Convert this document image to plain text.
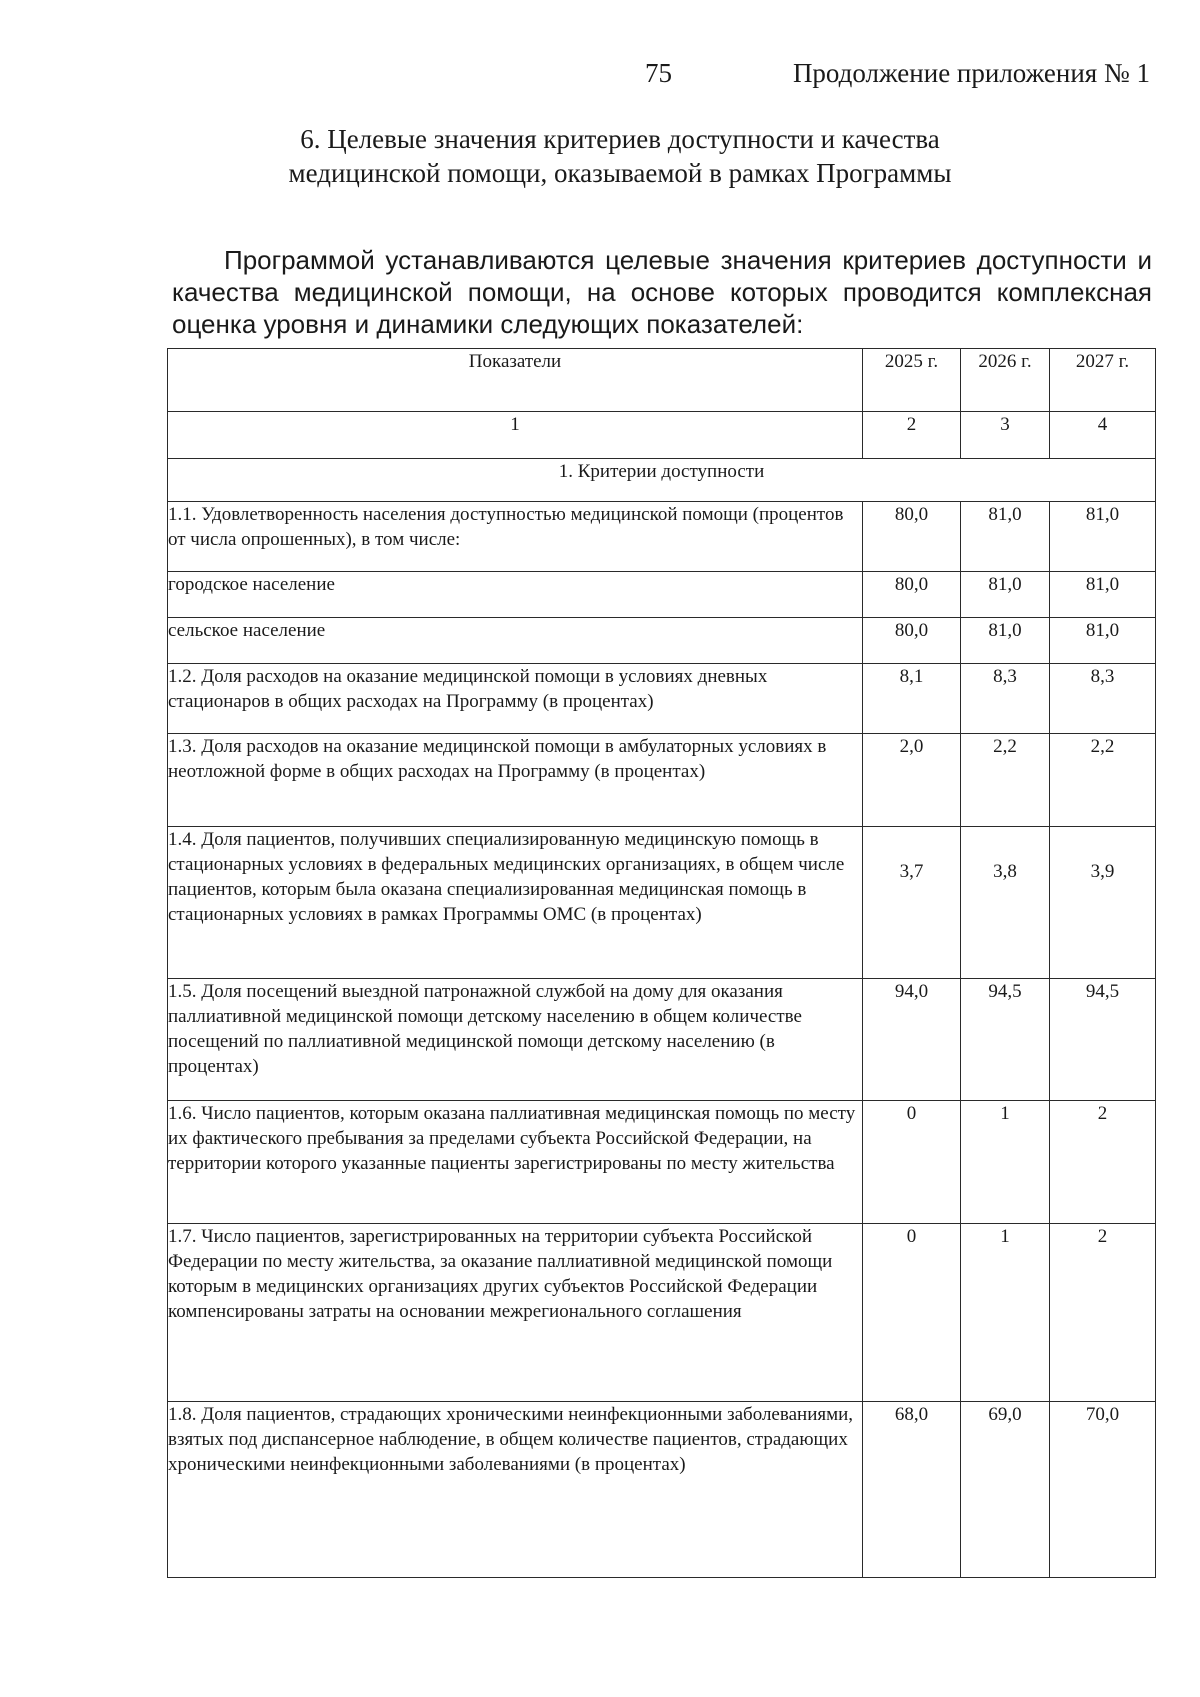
75	Продолжение приложения № 1
6. Целевые значения критериев доступности и качества
медицинской помощи, оказываемой в рамках Программы

Программой устанавливаются целевые значения критериев доступности и качества медицинской помощи, на основе которых проводится комплексная оценка уровня и динамики следующих показателей:

Показатели	2025 г.	2026 г.	2027 г.
1	2	3	4
1. Критерии доступности			
1.1. Удовлетворенность населения доступностью медицинской помощи (процентов от числа опрошенных), в том числе:	80,0	81,0	81,0
городское население	80,0	81,0	81,0
сельское население	80,0	81,0	81,0
1.2. Доля расходов на оказание медицинской помощи в условиях дневных стационаров в общих расходах на Программу (в процентах)	8,1	8,3	8,3
1.3. Доля расходов на оказание медицинской помощи в амбулаторных условиях в неотложной форме в общих расходах на Программу (в процентах)	2,0	2,2	2,2
1.4. Доля пациентов, получивших специализированную медицинскую помощь в стационарных условиях в федеральных медицинских организациях, в общем числе пациентов, которым была оказана специализированная медицинская помощь в стационарных условиях в рамках Программы ОМС (в процентах)	3,7	3,8	3,9
1.5. Доля посещений выездной патронажной службой на дому для оказания паллиативной медицинской помощи детскому населению в общем количестве посещений по паллиативной медицинской помощи детскому населению (в процентах)	94,0	94,5	94,5
1.6. Число пациентов, которым оказана паллиативная медицинская помощь по месту их фактического пребывания за пределами субъекта Российской Федерации, на территории которого указанные пациенты зарегистрированы по месту жительства	0	1	2
1.7. Число пациентов, зарегистрированных на территории субъекта Российской Федерации по месту жительства, за оказание паллиативной медицинской помощи которым в медицинских организациях других субъектов Российской Федерации компенсированы затраты на основании межрегионального соглашения	0	1	2
1.8. Доля пациентов, страдающих хроническими неинфекционными заболеваниями, взятых под диспансерное наблюдение, в общем количестве пациентов, страдающих хроническими неинфекционными заболеваниями (в процентах)	68,0	69,0	70,0
